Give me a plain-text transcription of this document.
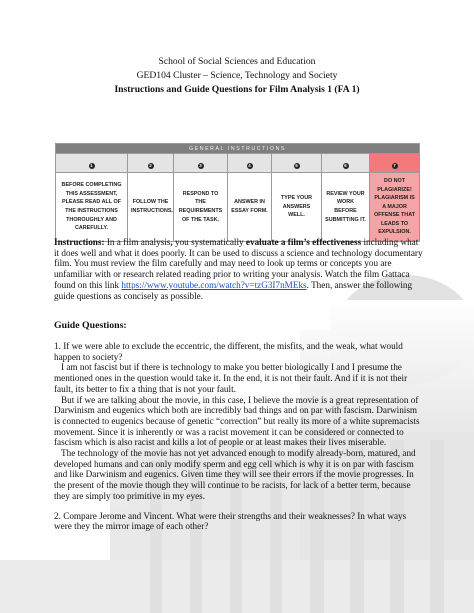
School of Social Sciences and Education
GED104 Cluster – Science, Technology and Society
Instructions and Guide Questions for Film Analysis 1 (FA 1)
GENERAL INSTRUCTIONS						
1	2	3	4	5	6	7
BEFORE COMPLETING THIS ASSESSMENT, PLEASE READ ALL OF THE INSTRUCTIONS THOROUGHLY AND CAREFULLY.	FOLLOW THE INSTRUCTIONS.	RESPOND TO THE REQUIREMENTS OF THE TASK.	ANSWER IN ESSAY FORM.	TYPE YOUR ANSWERS WELL.	REVIEW YOUR WORK BEFORE SUBMITTING IT.	DO NOT PLAGIARIZE! PLAGIARISM IS A MAJOR OFFENSE THAT LEADS TO EXPULSION.

Instructions: In a film analysis, you systematically evaluate a film’s effectiveness including what it does well and what it does poorly. It can be used to discuss a science and technology documentary film. You must review the film carefully and may need to look up terms or concepts you are unfamiliar with or research related reading prior to writing your analysis. Watch the film Gattaca found on this link https://www.youtube.com/watch?v=tzG3I7nMEks. Then, answer the following guide questions as concisely as possible.

Guide Questions:

1. If we were able to exclude the eccentric, the different, the misfits, and the weak, what would happen to society?

I am not fascist but if there is technology to make you better biologically I and I presume the mentioned ones in the question would take it. In the end, it is not their fault. And if it is not their fault, its better to fix a thing that is not your fault.

But if we are talking about the movie, in this case, I believe the movie is a great representation of Darwinism and eugenics which both are incredibly bad things and on par with fascism. Darwinism is connected to eugenics because of genetic “correction” but really its more of a white supremacists movement. Since it is inherently or was a racist movement it can be considered or connected to fascism which is also racist and kills a lot of people or at least makes their lives miserable.

The technology of the movie has not yet advanced enough to modify already-born, matured, and developed humans and can only modify sperm and egg cell which is why it is on par with fascism and like Darwinism and eugenics. Given time they will see their errors if the movie progresses. In the present of the movie though they will continue to be racists, for lack of a better term, because they are simply too primitive in my eyes.

2. Compare Jerome and Vincent. What were their strengths and their weaknesses? In what ways were they the mirror image of each other?
